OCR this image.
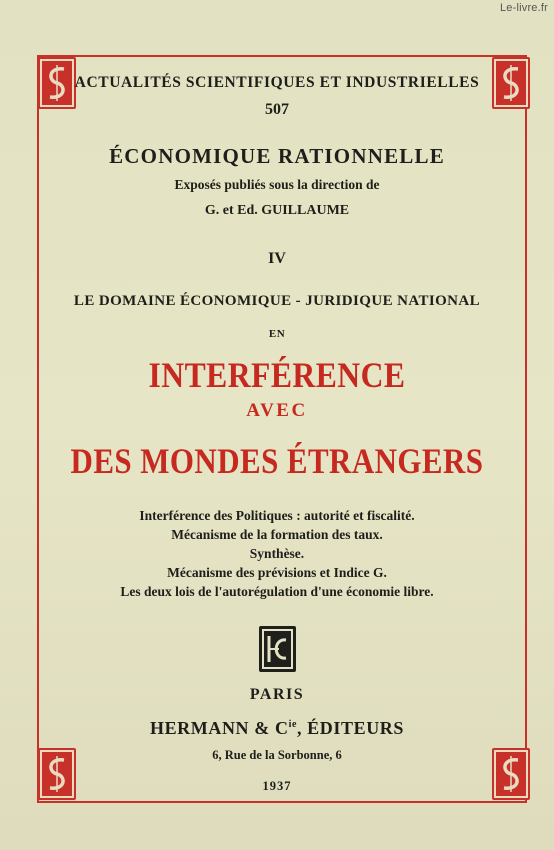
Le-livre.fr
ACTUALITÉS SCIENTIFIQUES ET INDUSTRIELLES
507
ÉCONOMIQUE RATIONNELLE
Exposés publiés sous la direction de
G. et Ed. GUILLAUME
IV
LE DOMAINE ÉCONOMIQUE - JURIDIQUE NATIONAL
EN
INTERFÉRENCE
AVEC
DES MONDES ÉTRANGERS
Interférence des Politiques : autorité et fiscalité.
Mécanisme de la formation des taux.
Synthèse.
Mécanisme des prévisions et Indice G.
Les deux lois de l'autorégulation d'une économie libre.
PARIS
HERMANN & $C^{ie}$, ÉDITEURS
6, Rue de la Sorbonne, 6
1937
